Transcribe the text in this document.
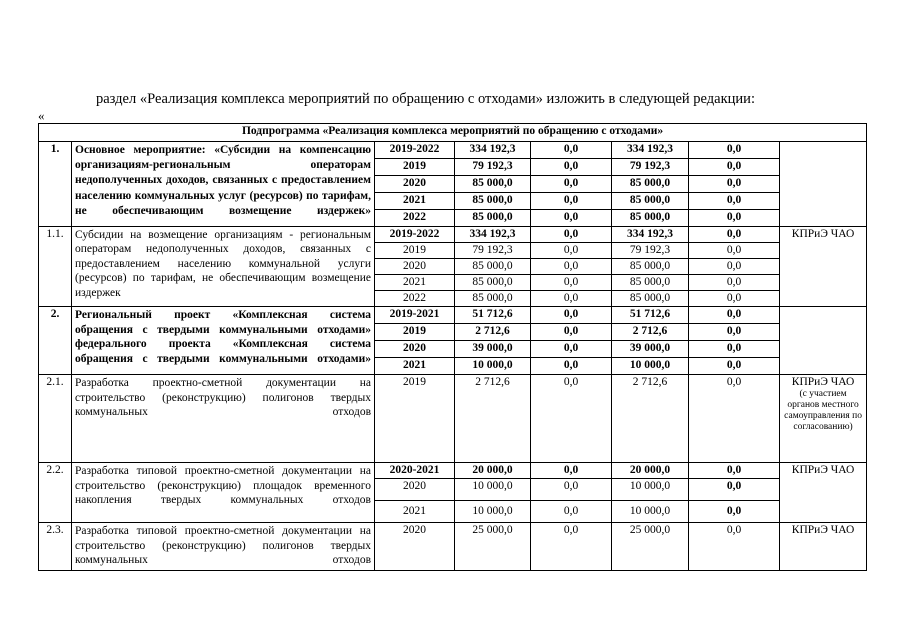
раздел «Реализация комплекса мероприятий по обращению с отходами» изложить в следующей редакции:
«
Подпрограмма «Реализация комплекса мероприятий по обращению с отходами»							
1.	Основное мероприятие: «Субсидии на компенсацию организациям-региональным операторам недополученных доходов, связанных с предоставлением населению коммунальных услуг (ресурсов) по тарифам, не обеспечивающим возмещение издержек»	2019-2022	334 192,3	0,0	334 192,3	0,0	
		2019	79 192,3	0,0	79 192,3	0,0	
		2020	85 000,0	0,0	85 000,0	0,0	
		2021	85 000,0	0,0	85 000,0	0,0	
		2022	85 000,0	0,0	85 000,0	0,0	
1.1.	Субсидии на возмещение организациям - региональным операторам недополученных доходов, связанных с предоставлением населению коммунальной услуги (ресурсов) по тарифам, не обеспечивающим возмещение издержек	2019-2022	334 192,3	0,0	334 192,3	0,0	КПРиЭ ЧАО
		2019	79 192,3	0,0	79 192,3	0,0	
		2020	85 000,0	0,0	85 000,0	0,0	
		2021	85 000,0	0,0	85 000,0	0,0	
		2022	85 000,0	0,0	85 000,0	0,0	
2.	Региональный проект «Комплексная система обращения с твердыми коммунальными отходами» федерального проекта «Комплексная система обращения с твердыми коммунальными отходами»	2019-2021	51 712,6	0,0	51 712,6	0,0	
		2019	2 712,6	0,0	2 712,6	0,0	
		2020	39 000,0	0,0	39 000,0	0,0	
		2021	10 000,0	0,0	10 000,0	0,0	
2.1.	Разработка проектно-сметной документации на строительство (реконструкцию) полигонов твердых коммунальных отходов	2019	2 712,6	0,0	2 712,6	0,0	КПРиЭ ЧАО
(с участием органов местного самоуправления по согласованию)

2.2.	Разработка типовой проектно-сметной документации на строительство (реконструкцию) площадок временного накопления твердых коммунальных отходов	2020-2021	20 000,0	0,0	20 000,0	0,0	КПРиЭ ЧАО
		2020	10 000,0	0,0	10 000,0	0,0	
		2021	10 000,0	0,0	10 000,0	0,0	
2.3.	Разработка типовой проектно-сметной документации на строительство (реконструкцию) полигонов твердых коммунальных отходов	2020	25 000,0	0,0	25 000,0	0,0	КПРиЭ ЧАО
